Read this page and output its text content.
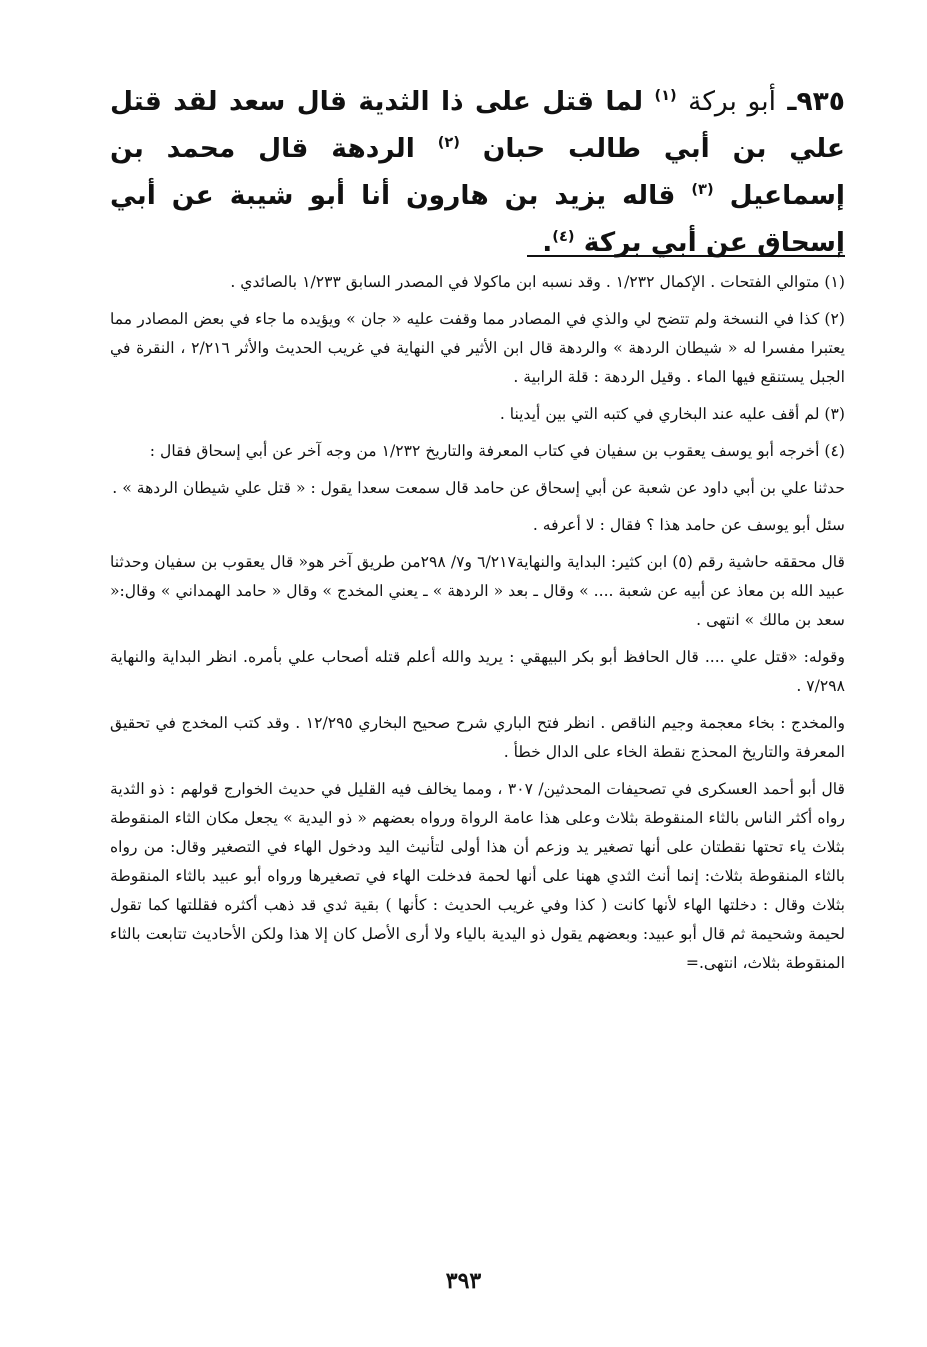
٩٣٥ـ أبو بركة $^{(١)}$ لما قتل على ذا الثدية قال سعد لقد قتل علي بن أبي طالب حبان $^{(٢)}$ الردهة قال محمد بن إسماعيل $^{(٣)}$ قاله يزيد بن هارون أنا أبو شيبة عن أبي إسحاق عن أبي بركة $^{(٤)}$.

(١) متوالي الفتحات . الإكمال ١/٢٣٢ . وقد نسبه ابن ماكولا في المصدر السابق ١/٢٣٣ بالصائدي .

(٢) كذا في النسخة ولم تتضح لي والذي في المصادر مما وقفت عليه « جان » ويؤيده ما جاء في بعض المصادر مما يعتبرا مفسرا له « شيطان الردهة » والردهة قال ابن الأثير في النهاية في غريب الحديث والأثر ٢/٢١٦ ، النقرة في الجبل يستنقع فيها الماء . وقيل الردهة : قلة الرابية .

(٣) لم أقف عليه عند البخاري في كتبه التي بين أيدينا .

(٤) أخرجه أبو يوسف يعقوب بن سفيان في كتاب المعرفة والتاريخ ١/٢٣٢ من وجه آخر عن أبي إسحاق فقال :

حدثنا علي بن أبي داود عن شعبة عن أبي إسحاق عن حامد قال سمعت سعدا يقول : « قتل علي شيطان الردهة » .

سئل أبو يوسف عن حامد هذا ؟ فقال : لا أعرفه .

قال محققه حاشية رقم (٥) ابن كثير: البداية والنهاية٦/٢١٧ و٧/ ٢٩٨من طريق آخر هو« قال يعقوب بن سفيان وحدثنا عبيد الله بن معاذ عن أبيه عن شعبة .... » وقال ـ بعد « الردهة » ـ يعني المخدج » وقال « حامد الهمداني » وقال:« سعد بن مالك » انتهى .

وقوله: «قتل علي .... قال الحافظ أبو بكر البيهقي : يريد والله أعلم قتله أصحاب علي بأمره. انظر البداية والنهاية ٧/٢٩٨ .

والمخدج : بخاء معجمة وجيم الناقص . انظر فتح الباري شرح صحيح البخاري ١٢/٢٩٥ . وقد كتب المخدج في تحقيق المعرفة والتاريخ المحذج نقطة الخاء على الدال خطأ .

قال أبو أحمد العسكرى في تصحيفات المحدثين/ ٣٠٧ ، ومما يخالف فيه القليل في حديث الخوارج قولهم : ذو الثدية رواه أكثر الناس بالثاء المنقوطة بثلاث وعلى هذا عامة الرواة ورواه بعضهم « ذو اليدية » يجعل مكان الثاء المنقوطة بثلاث ياء تحتها نقطتان على أنها تصغير يد وزعم أن هذا أولى لتأنيث اليد ودخول الهاء في التصغير وقال: من رواه بالثاء المنقوطة بثلاث: إنما أنث الثدي ههنا على أنها لحمة فدخلت الهاء في تصغيرها ورواه أبو عبيد بالثاء المنقوطة بثلاث وقال : دخلتها الهاء لأنها كانت ( كذا وفي غريب الحديث : كأنها ) بقية ثدي قد ذهب أكثره فقللتها كما تقول لحيمة وشحيمة ثم قال أبو عبيد: وبعضهم يقول ذو اليدية بالياء ولا أرى الأصل كان إلا هذا ولكن الأحاديث تتابعت بالثاء المنقوطة بثلاث، انتهى.=

٣٩٣
